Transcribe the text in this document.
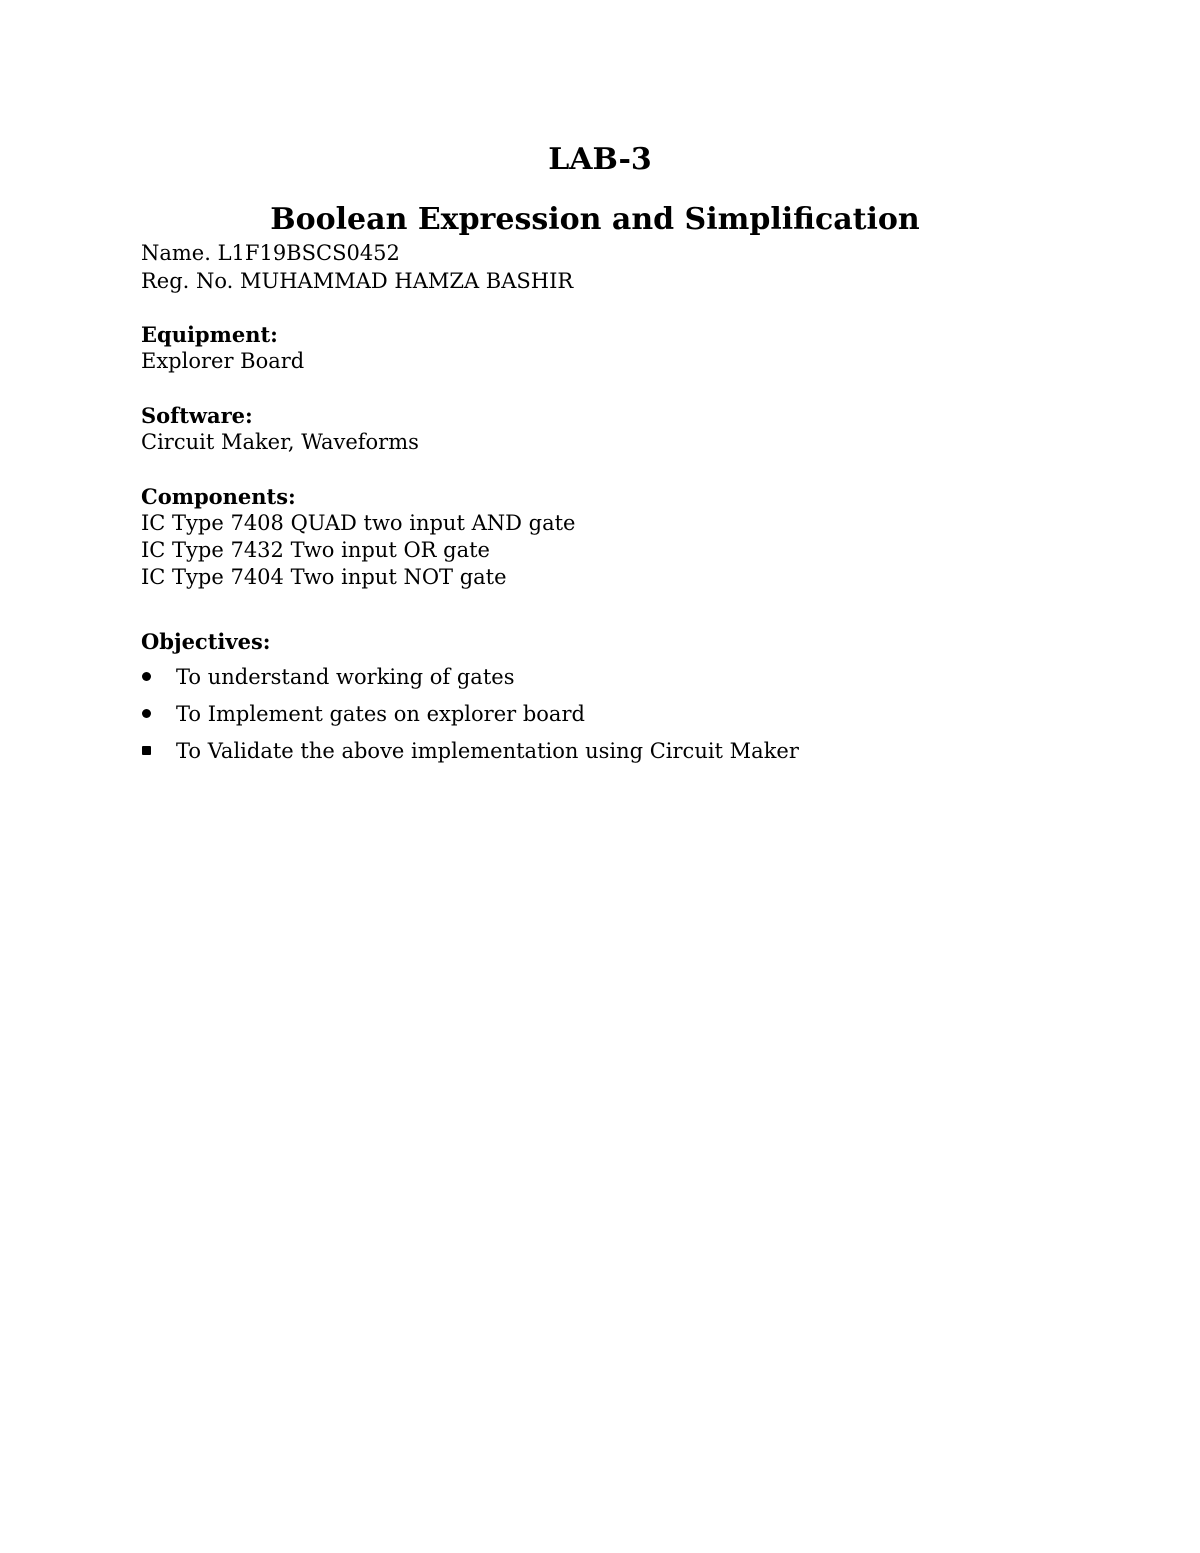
LAB-3
Boolean Expression and Simplification
Name. L1F19BSCS0452
Reg. No. MUHAMMAD HAMZA BASHIR
Equipment:
Explorer Board
Software:
Circuit Maker, Waveforms
Components:
IC Type 7408 QUAD two input AND gate
IC Type 7432 Two input OR gate
IC Type 7404 Two input NOT gate
Objectives:
To understand working of gates
To Implement gates on explorer board
To Validate the above implementation using Circuit Maker
